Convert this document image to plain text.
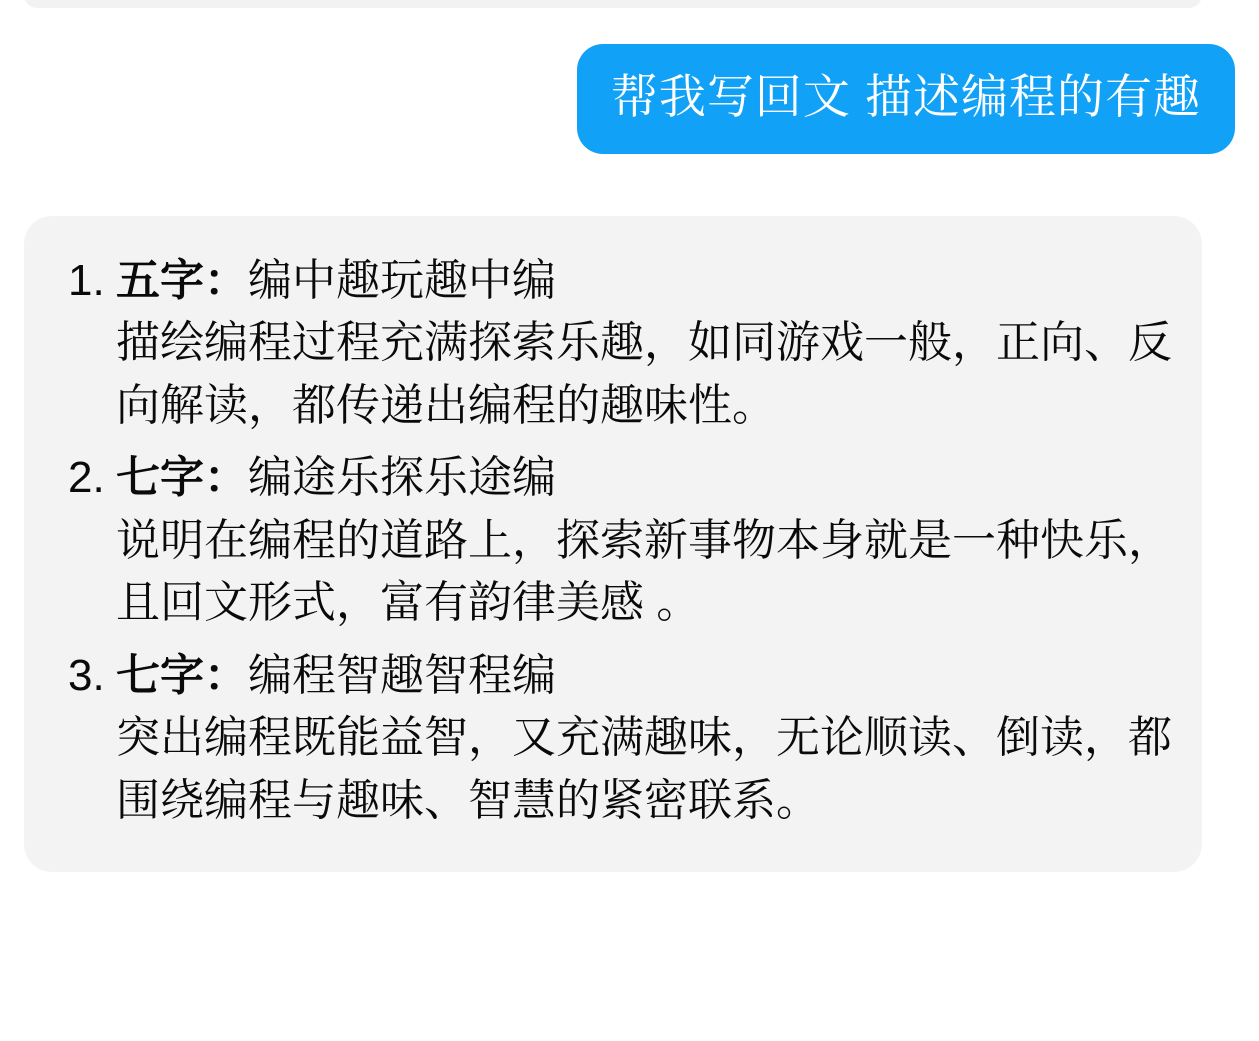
帮我写回文 描述编程的有趣
1. 五字：编中趣玩趣中编
描绘编程过程充满探索乐趣，如同游戏一般，正向、反向解读，都传递出编程的趣味性。
2. 七字：编途乐探乐途编
说明在编程的道路上，探索新事物本身就是一种快乐，且回文形式，富有韵律美感 。
3. 七字：编程智趣智程编
突出编程既能益智，又充满趣味，无论顺读、倒读，都围绕编程与趣味、智慧的紧密联系。
